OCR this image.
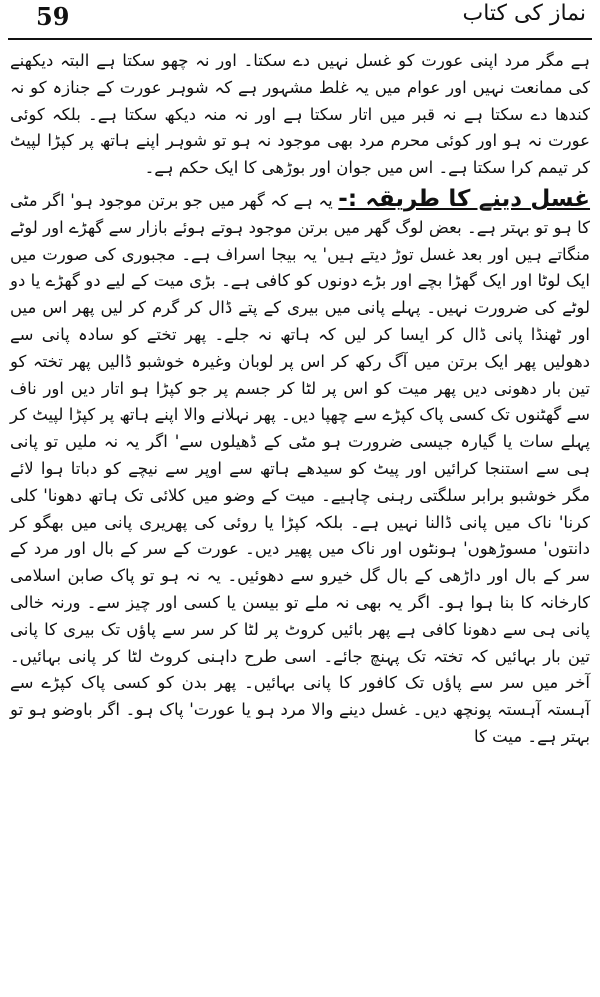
59	نماز کی کتاب

ہے مگر مرد اپنی عورت کو غسل نہیں دے سکتا۔ اور نہ چھو سکتا ہے البتہ دیکھنے کی ممانعت نہیں اور عوام میں یہ غلط مشہور ہے کہ شوہر عورت کے جنازہ کو نہ کندھا دے سکتا ہے نہ قبر میں اتار سکتا ہے اور نہ منہ دیکھ سکتا ہے۔ بلکہ کوئی عورت نہ ہو اور کوئی محرم مرد بھی موجود نہ ہو تو شوہر اپنے ہاتھ پر کپڑا لپیٹ کر تیمم کرا سکتا ہے۔ اس میں جوان اور بوڑھی کا ایک حکم ہے۔

غسل دینے کا طریقہ :- یہ ہے کہ گھر میں جو برتن موجود ہو' اگر مٹی کا ہو تو بہتر ہے۔ بعض لوگ گھر میں برتن موجود ہوتے ہوئے بازار سے گھڑے اور لوٹے منگاتے ہیں اور بعد غسل توڑ دیتے ہیں' یہ بیجا اسراف ہے۔ مجبوری کی صورت میں ایک لوٹا اور ایک گھڑا بچے اور بڑے دونوں کو کافی ہے۔ بڑی میت کے لیے دو گھڑے یا دو لوٹے کی ضرورت نہیں۔ پہلے پانی میں بیری کے پتے ڈال کر گرم کر لیں پھر اس میں اور ٹھنڈا پانی ڈال کر ایسا کر لیں کہ ہاتھ نہ جلے۔ پھر تختے کو سادہ پانی سے دھولیں پھر ایک برتن میں آگ رکھ کر اس پر لوبان وغیرہ خوشبو ڈالیں پھر تختہ کو تین بار دھونی دیں پھر میت کو اس پر لٹا کر جسم پر جو کپڑا ہو اتار دیں اور ناف سے گھٹنوں تک کسی پاک کپڑے سے چھپا دیں۔ پھر نہلانے والا اپنے ہاتھ پر کپڑا لپیٹ کر پہلے سات یا گیارہ جیسی ضرورت ہو مٹی کے ڈھیلوں سے' اگر یہ نہ ملیں تو پانی ہی سے استنجا کرائیں اور پیٹ کو سیدھے ہاتھ سے اوپر سے نیچے کو دباتا ہوا لائے مگر خوشبو برابر سلگتی رہنی چاہیے۔ میت کے وضو میں کلائی تک ہاتھ دھونا' کلی کرنا' ناک میں پانی ڈالنا نہیں ہے۔ بلکہ کپڑا یا روئی کی پھریری پانی میں بھگو کر دانتوں' مسوڑھوں' ہونٹوں اور ناک میں پھیر دیں۔ عورت کے سر کے بال اور مرد کے سر کے بال اور داڑھی کے بال گل خیرو سے دھوئیں۔ یہ نہ ہو تو پاک صابن اسلامی کارخانہ کا بنا ہوا ہو۔ اگر یہ بھی نہ ملے تو بیسن یا کسی اور چیز سے۔ ورنہ خالی پانی ہی سے دھونا کافی ہے پھر بائیں کروٹ پر لٹا کر سر سے پاؤں تک بیری کا پانی تین بار بہائیں کہ تختہ تک پہنچ جائے۔ اسی طرح داہنی کروٹ لٹا کر پانی بہائیں۔ آخر میں سر سے پاؤں تک کافور کا پانی بہائیں۔ پھر بدن کو کسی پاک کپڑے سے آہستہ آہستہ پونچھ دیں۔ غسل دینے والا مرد ہو یا عورت' پاک ہو۔ اگر باوضو ہو تو بہتر ہے۔ میت کا
